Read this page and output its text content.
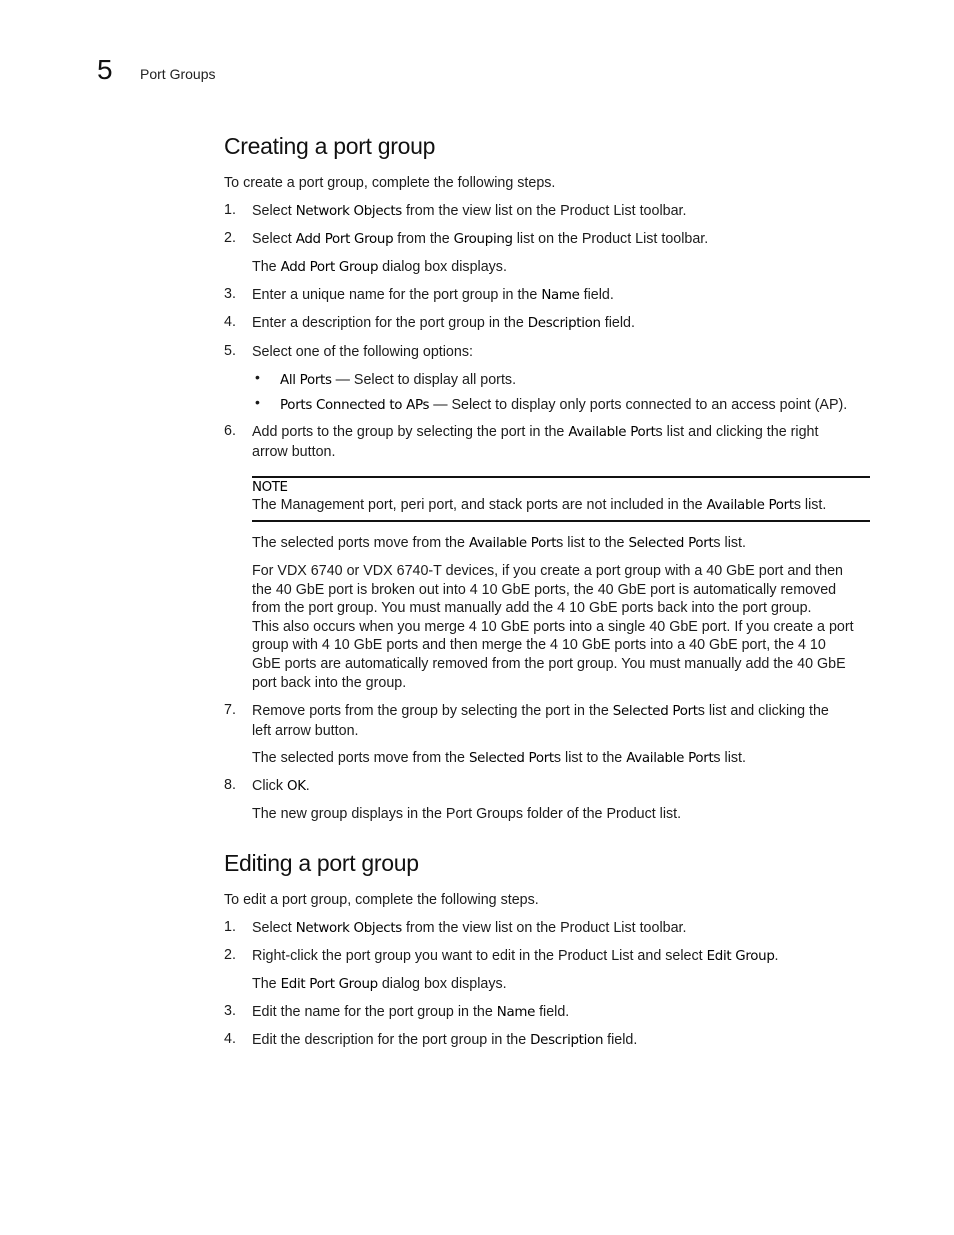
5 Port Groups
Creating a port group
To create a port group, complete the following steps.
1.	Select Network Objects from the view list on the Product List toolbar.
2.	Select Add Port Group from the Grouping list on the Product List toolbar.
The Add Port Group dialog box displays.
3.	Enter a unique name for the port group in the Name field.
4.	Enter a description for the port group in the Description field.
5.	Select one of the following options:
• All Ports — Select to display all ports.
• Ports Connected to APs — Select to display only ports connected to an access point (AP).
6.	Add ports to the group by selecting the port in the Available Ports list and clicking the right
arrow button.
NOTE
The Management port, peri port, and stack ports are not included in the Available Ports list.
The selected ports move from the Available Ports list to the Selected Ports list.
For VDX 6740 or VDX 6740-T devices, if you create a port group with a 40 GbE port and then
the 40 GbE port is broken out into 4 10 GbE ports, the 40 GbE port is automatically removed
from the port group. You must manually add the 4 10 GbE ports back into the port group.
This also occurs when you merge 4 10 GbE ports into a single 40 GbE port. If you create a port
group with 4 10 GbE ports and then merge the 4 10 GbE ports into a 40 GbE port, the 4 10
GbE ports are automatically removed from the port group. You must manually add the 40 GbE
port back into the group.
7.	Remove ports from the group by selecting the port in the Selected Ports list and clicking the
left arrow button.
The selected ports move from the Selected Ports list to the Available Ports list.
8.	Click OK.
The new group displays in the Port Groups folder of the Product list.
Editing a port group
To edit a port group, complete the following steps.
1.	Select Network Objects from the view list on the Product List toolbar.
2.	Right-click the port group you want to edit in the Product List and select Edit Group.
The Edit Port Group dialog box displays.
3.	Edit the name for the port group in the Name field.
4.	Edit the description for the port group in the Description field.
